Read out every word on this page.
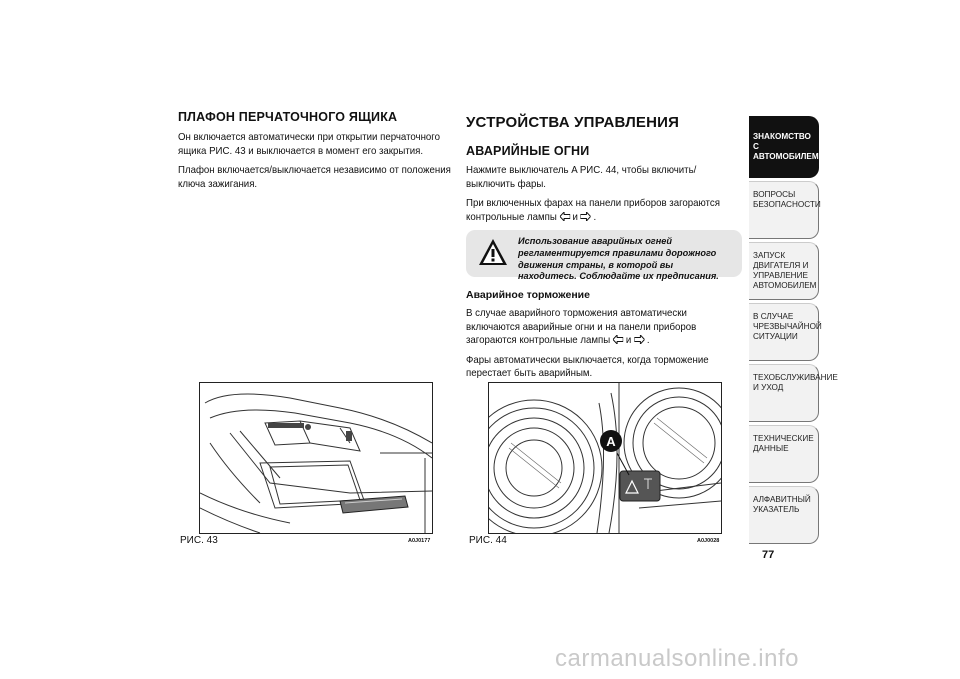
ПЛАФОН ПЕРЧАТОЧНОГО ЯЩИКА

Он включается автоматически при открытии перчаточного ящика РИС. 43 и выключается в момент его закрытия.

Плафон включается/выключается независимо от положения ключа зажигания.

УСТРОЙСТВА УПРАВЛЕНИЯ
АВАРИЙНЫЕ ОГНИ

Нажмите выключатель A РИС. 44, чтобы включить/выключить фары.

При включенных фарах на панели приборов загораются контрольные лампы и .

Использование аварийных огней регламентируется правилами дорожного движения страны, в которой вы находитесь. Соблюдайте их предписания.
Аварийное торможение

В случае аварийного торможения автоматически включаются аварийные огни и на панели приборов загораются контрольные лампы и .

Фары автоматически выключается, когда торможение перестает быть аварийным.

РИС. 43	A0J0177
A
РИС. 44	A0J0028
ЗНАКОМСТВО С
АВТОМОБИЛЕМ
ВОПРОСЫ
БЕЗОПАСНОСТИ
ЗАПУСК ДВИГАТЕЛЯ И
УПРАВЛЕНИЕ
АВТОМОБИЛЕМ
В СЛУЧАЕ
ЧРЕЗВЫЧАЙНОЙ
СИТУАЦИИ
ТЕХОБСЛУЖИВАНИЕ
И УХОД
ТЕХНИЧЕСКИЕ
ДАННЫЕ
АЛФАВИТНЫЙ
УКАЗАТЕЛЬ
77
carmanualsonline.info
